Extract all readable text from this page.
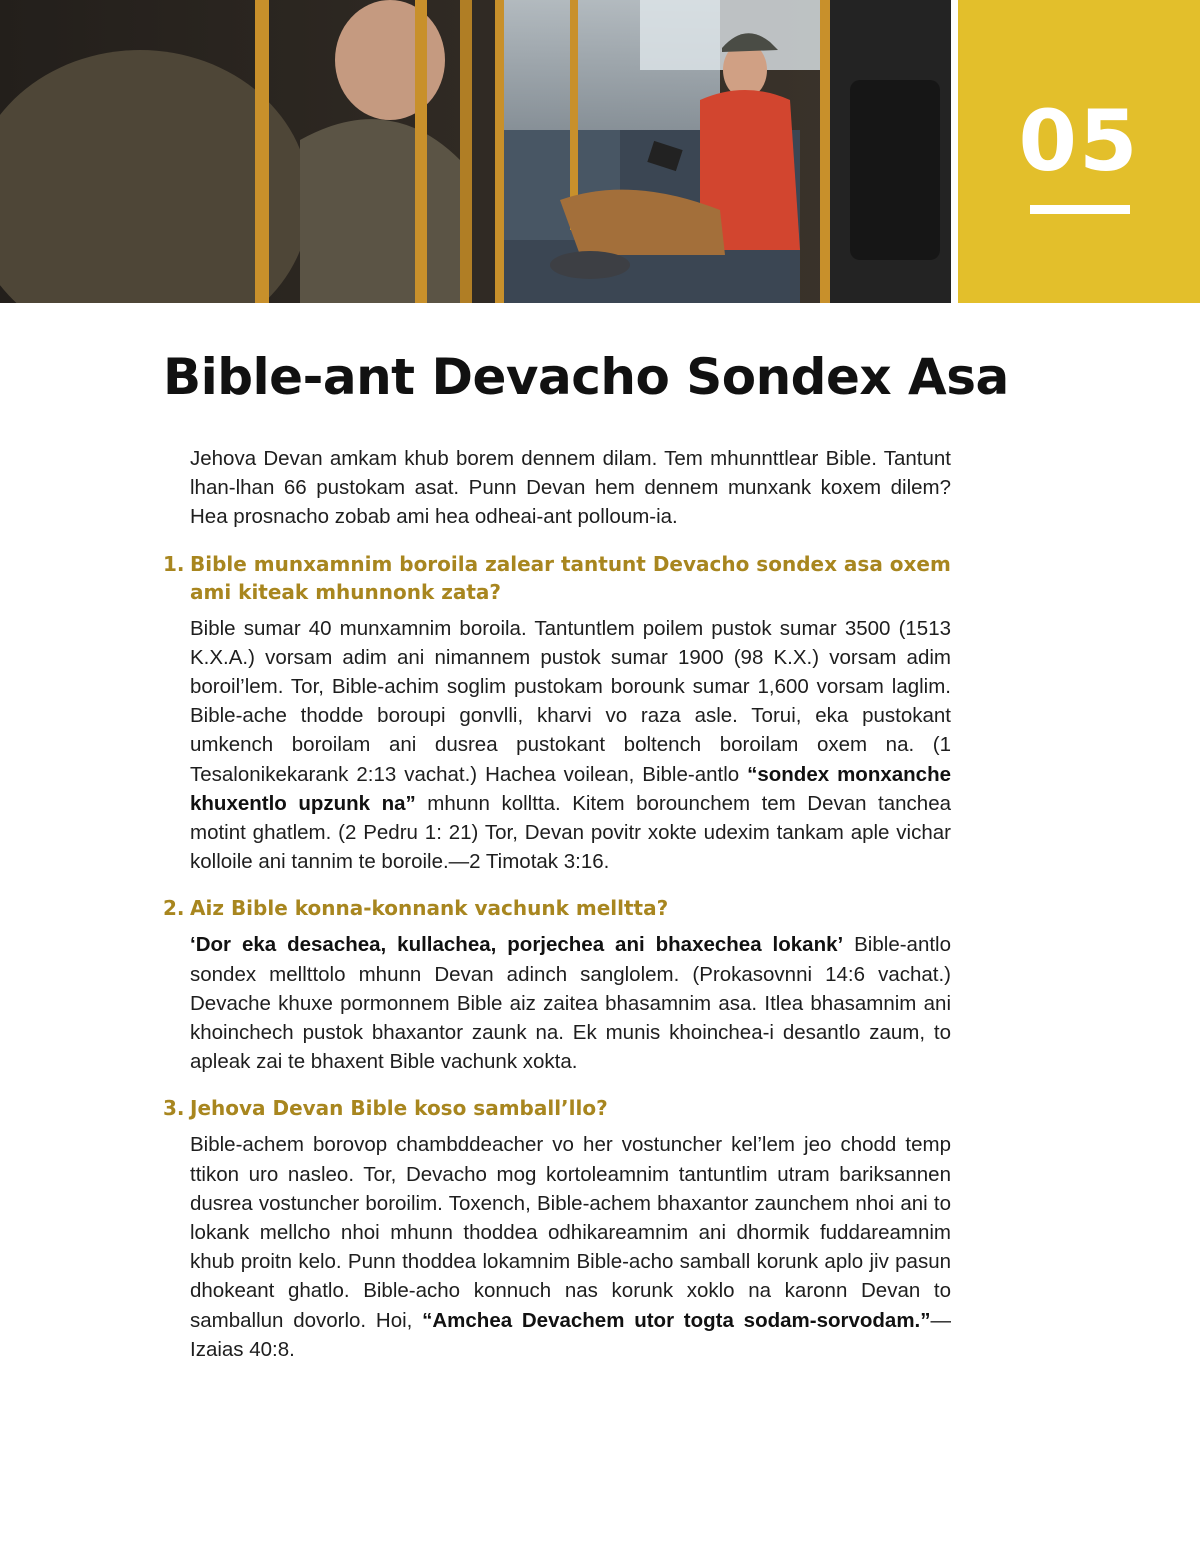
05
Bible-ant Devacho Sondex Asa

Jehova Devan amkam khub borem dennem dilam. Tem mhunnttlear Bible. Tantunt lhan-lhan 66 pustokam asat. Punn Devan hem dennem munxank koxem dilem? Hea prosnacho zobab ami hea odheai-ant polloum-ia.

1. Bible munxamnim boroila zalear tantunt Devacho sondex asa oxem ami kiteak mhunnonk zata?

Bible sumar 40 munxamnim boroila. Tantuntlem poilem pustok sumar 3500 (1513 K.X.A.) vorsam adim ani nimannem pustok sumar 1900 (98 K.X.) vorsam adim boroil’lem. Tor, Bible-achim soglim pustokam borounk sumar 1,600 vorsam laglim. Bible-ache thodde boroupi gonvlli, kharvi vo raza asle. Torui, eka pustokant umkench boroilam ani dusrea pustokant boltench boroilam oxem na. (1 Tesalonikekarank 2:13 vachat.) Hachea voilean, Bible-antlo “sondex monxanche khuxentlo upzunk na” mhunn kolltta. Kitem borounchem tem Devan tanchea motint ghatlem. (2 Pedru 1: 21) Tor, Devan povitr xokte udexim tankam aple vichar kolloile ani tannim te boroile.—2 Timotak 3:16.

2. Aiz Bible konna-konnank vachunk melltta?

‘Dor eka desachea, kullachea, porjechea ani bhaxechea lokank’ Bible-antlo sondex mellttolo mhunn Devan adinch sanglolem. (Prokasovnni 14:6 vachat.) Devache khuxe pormonnem Bible aiz zaitea bhasamnim asa. Itlea bhasamnim ani khoinchech pustok bhaxantor zaunk na. Ek munis khoinchea-i desantlo zaum, to apleak zai te bhaxent Bible vachunk xokta.

3. Jehova Devan Bible koso samball’llo?

Bible-achem borovop chambddeacher vo her vostuncher kel’lem jeo chodd temp ttikon uro nasleo. Tor, Devacho mog kortoleamnim tantuntlim utram bariksannen dusrea vostuncher boroilim. Toxench, Bible-achem bhaxantor zaunchem nhoi ani to lokank mellcho nhoi mhunn thoddea odhikareamnim ani dhormik fuddareamnim khub proitn kelo. Punn thoddea lokamnim Bible-acho samball korunk aplo jiv pasun dhokeant ghatlo. Bible-acho konnuch nas korunk xoklo na karonn Devan to samballun dovorlo. Hoi, “Amchea Devachem utor togta sodam-sorvodam.”—Izaias 40:8.
